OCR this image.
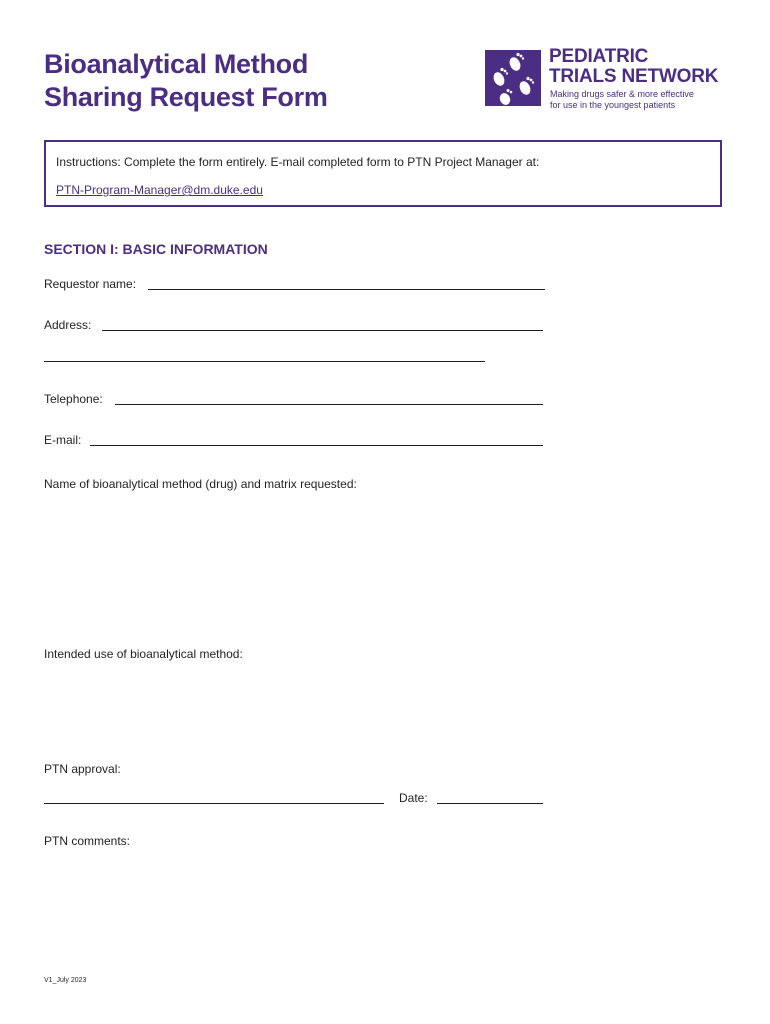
Bioanalytical Method
Sharing Request Form
PEDIATRIC
TRIALS NETWORK
Making drugs safer & more effective
for use in the youngest patients
Instructions: Complete the form entirely. E-mail completed form to PTN Project Manager at:
PTN-Program-Manager@dm.duke.edu
SECTION I: BASIC INFORMATION
Requestor name:
Address:
Telephone:
E-mail:
Name of bioanalytical method (drug) and matrix requested:
Intended use of bioanalytical method:
PTN approval:
Date:
PTN comments:
V1_July 2023
